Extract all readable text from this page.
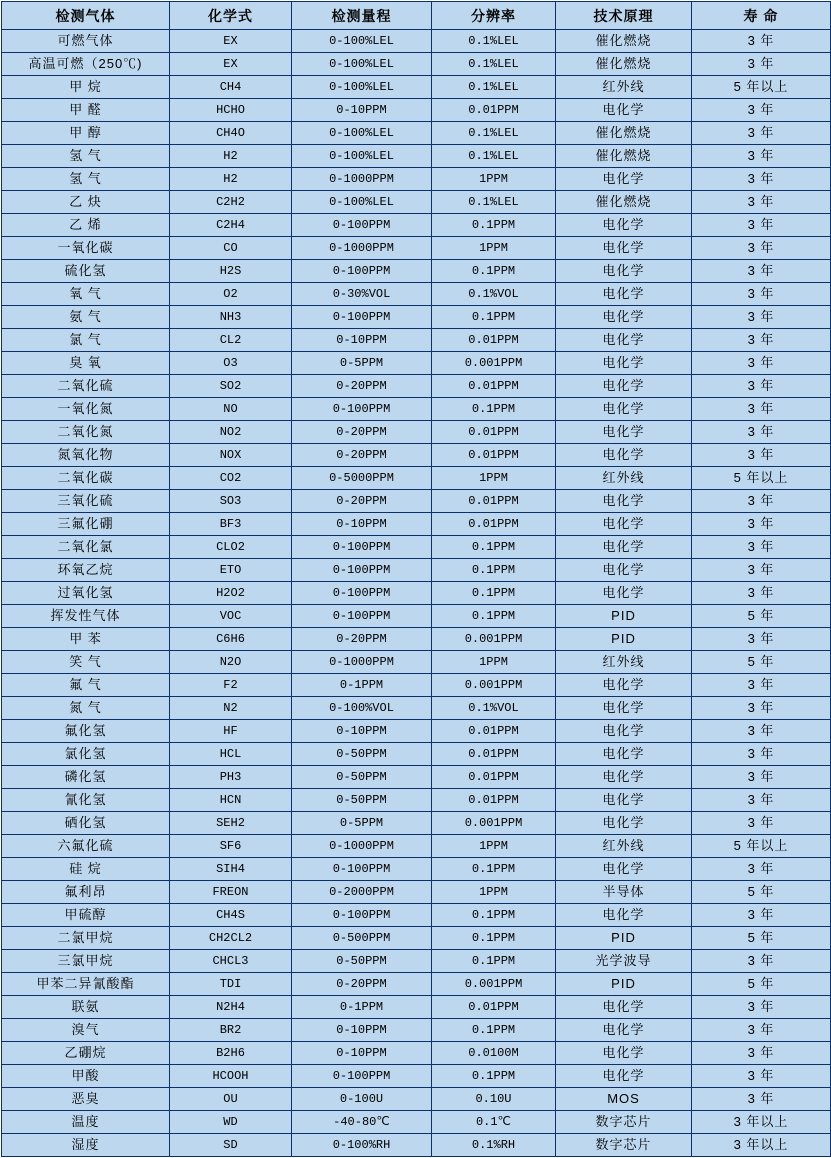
检测气体	化学式	检测量程	分辨率	技术原理	寿 命
可燃气体	EX	0-100%LEL	0.1%LEL	催化燃烧	3 年
高温可燃（250℃)	EX	0-100%LEL	0.1%LEL	催化燃烧	3 年
甲 烷	CH4	0-100%LEL	0.1%LEL	红外线	5 年以上
甲 醛	HCHO	0-10PPM	0.01PPM	电化学	3 年
甲 醇	CH4O	0-100%LEL	0.1%LEL	催化燃烧	3 年
氢 气	H2	0-100%LEL	0.1%LEL	催化燃烧	3 年
氢 气	H2	0-1000PPM	1PPM	电化学	3 年
乙 炔	C2H2	0-100%LEL	0.1%LEL	催化燃烧	3 年
乙 烯	C2H4	0-100PPM	0.1PPM	电化学	3 年
一氧化碳	CO	0-1000PPM	1PPM	电化学	3 年
硫化氢	H2S	0-100PPM	0.1PPM	电化学	3 年
氧 气	O2	0-30%VOL	0.1%VOL	电化学	3 年
氨 气	NH3	0-100PPM	0.1PPM	电化学	3 年
氯 气	CL2	0-10PPM	0.01PPM	电化学	3 年
臭 氧	O3	0-5PPM	0.001PPM	电化学	3 年
二氧化硫	SO2	0-20PPM	0.01PPM	电化学	3 年
一氧化氮	NO	0-100PPM	0.1PPM	电化学	3 年
二氧化氮	NO2	0-20PPM	0.01PPM	电化学	3 年
氮氧化物	NOX	0-20PPM	0.01PPM	电化学	3 年
二氧化碳	CO2	0-5000PPM	1PPM	红外线	5 年以上
三氧化硫	SO3	0-20PPM	0.01PPM	电化学	3 年
三氟化硼	BF3	0-10PPM	0.01PPM	电化学	3 年
二氧化氯	CLO2	0-100PPM	0.1PPM	电化学	3 年
环氧乙烷	ETO	0-100PPM	0.1PPM	电化学	3 年
过氧化氢	H2O2	0-100PPM	0.1PPM	电化学	3 年
挥发性气体	VOC	0-100PPM	0.1PPM	PID	5 年
甲 苯	C6H6	0-20PPM	0.001PPM	PID	3 年
笑 气	N2O	0-1000PPM	1PPM	红外线	5 年
氟 气	F2	0-1PPM	0.001PPM	电化学	3 年
氮 气	N2	0-100%VOL	0.1%VOL	电化学	3 年
氟化氢	HF	0-10PPM	0.01PPM	电化学	3 年
氯化氢	HCL	0-50PPM	0.01PPM	电化学	3 年
磷化氢	PH3	0-50PPM	0.01PPM	电化学	3 年
氰化氢	HCN	0-50PPM	0.01PPM	电化学	3 年
硒化氢	SEH2	0-5PPM	0.001PPM	电化学	3 年
六氟化硫	SF6	0-1000PPM	1PPM	红外线	5 年以上
硅 烷	SIH4	0-100PPM	0.1PPM	电化学	3 年
氟利昂	FREON	0-2000PPM	1PPM	半导体	5 年
甲硫醇	CH4S	0-100PPM	0.1PPM	电化学	3 年
二氯甲烷	CH2CL2	0-500PPM	0.1PPM	PID	5 年
三氯甲烷	CHCL3	0-50PPM	0.1PPM	光学波导	3 年
甲苯二异氰酸酯	TDI	0-20PPM	0.001PPM	PID	5 年
联氨	N2H4	0-1PPM	0.01PPM	电化学	3 年
溴气	BR2	0-10PPM	0.1PPM	电化学	3 年
乙硼烷	B2H6	0-10PPM	0.0100M	电化学	3 年
甲酸	HCOOH	0-100PPM	0.1PPM	电化学	3 年
恶臭	OU	0-100U	0.10U	MOS	3 年
温度	WD	-40-80℃	0.1℃	数字芯片	3 年以上
湿度	SD	0-100%RH	0.1%RH	数字芯片	3 年以上
